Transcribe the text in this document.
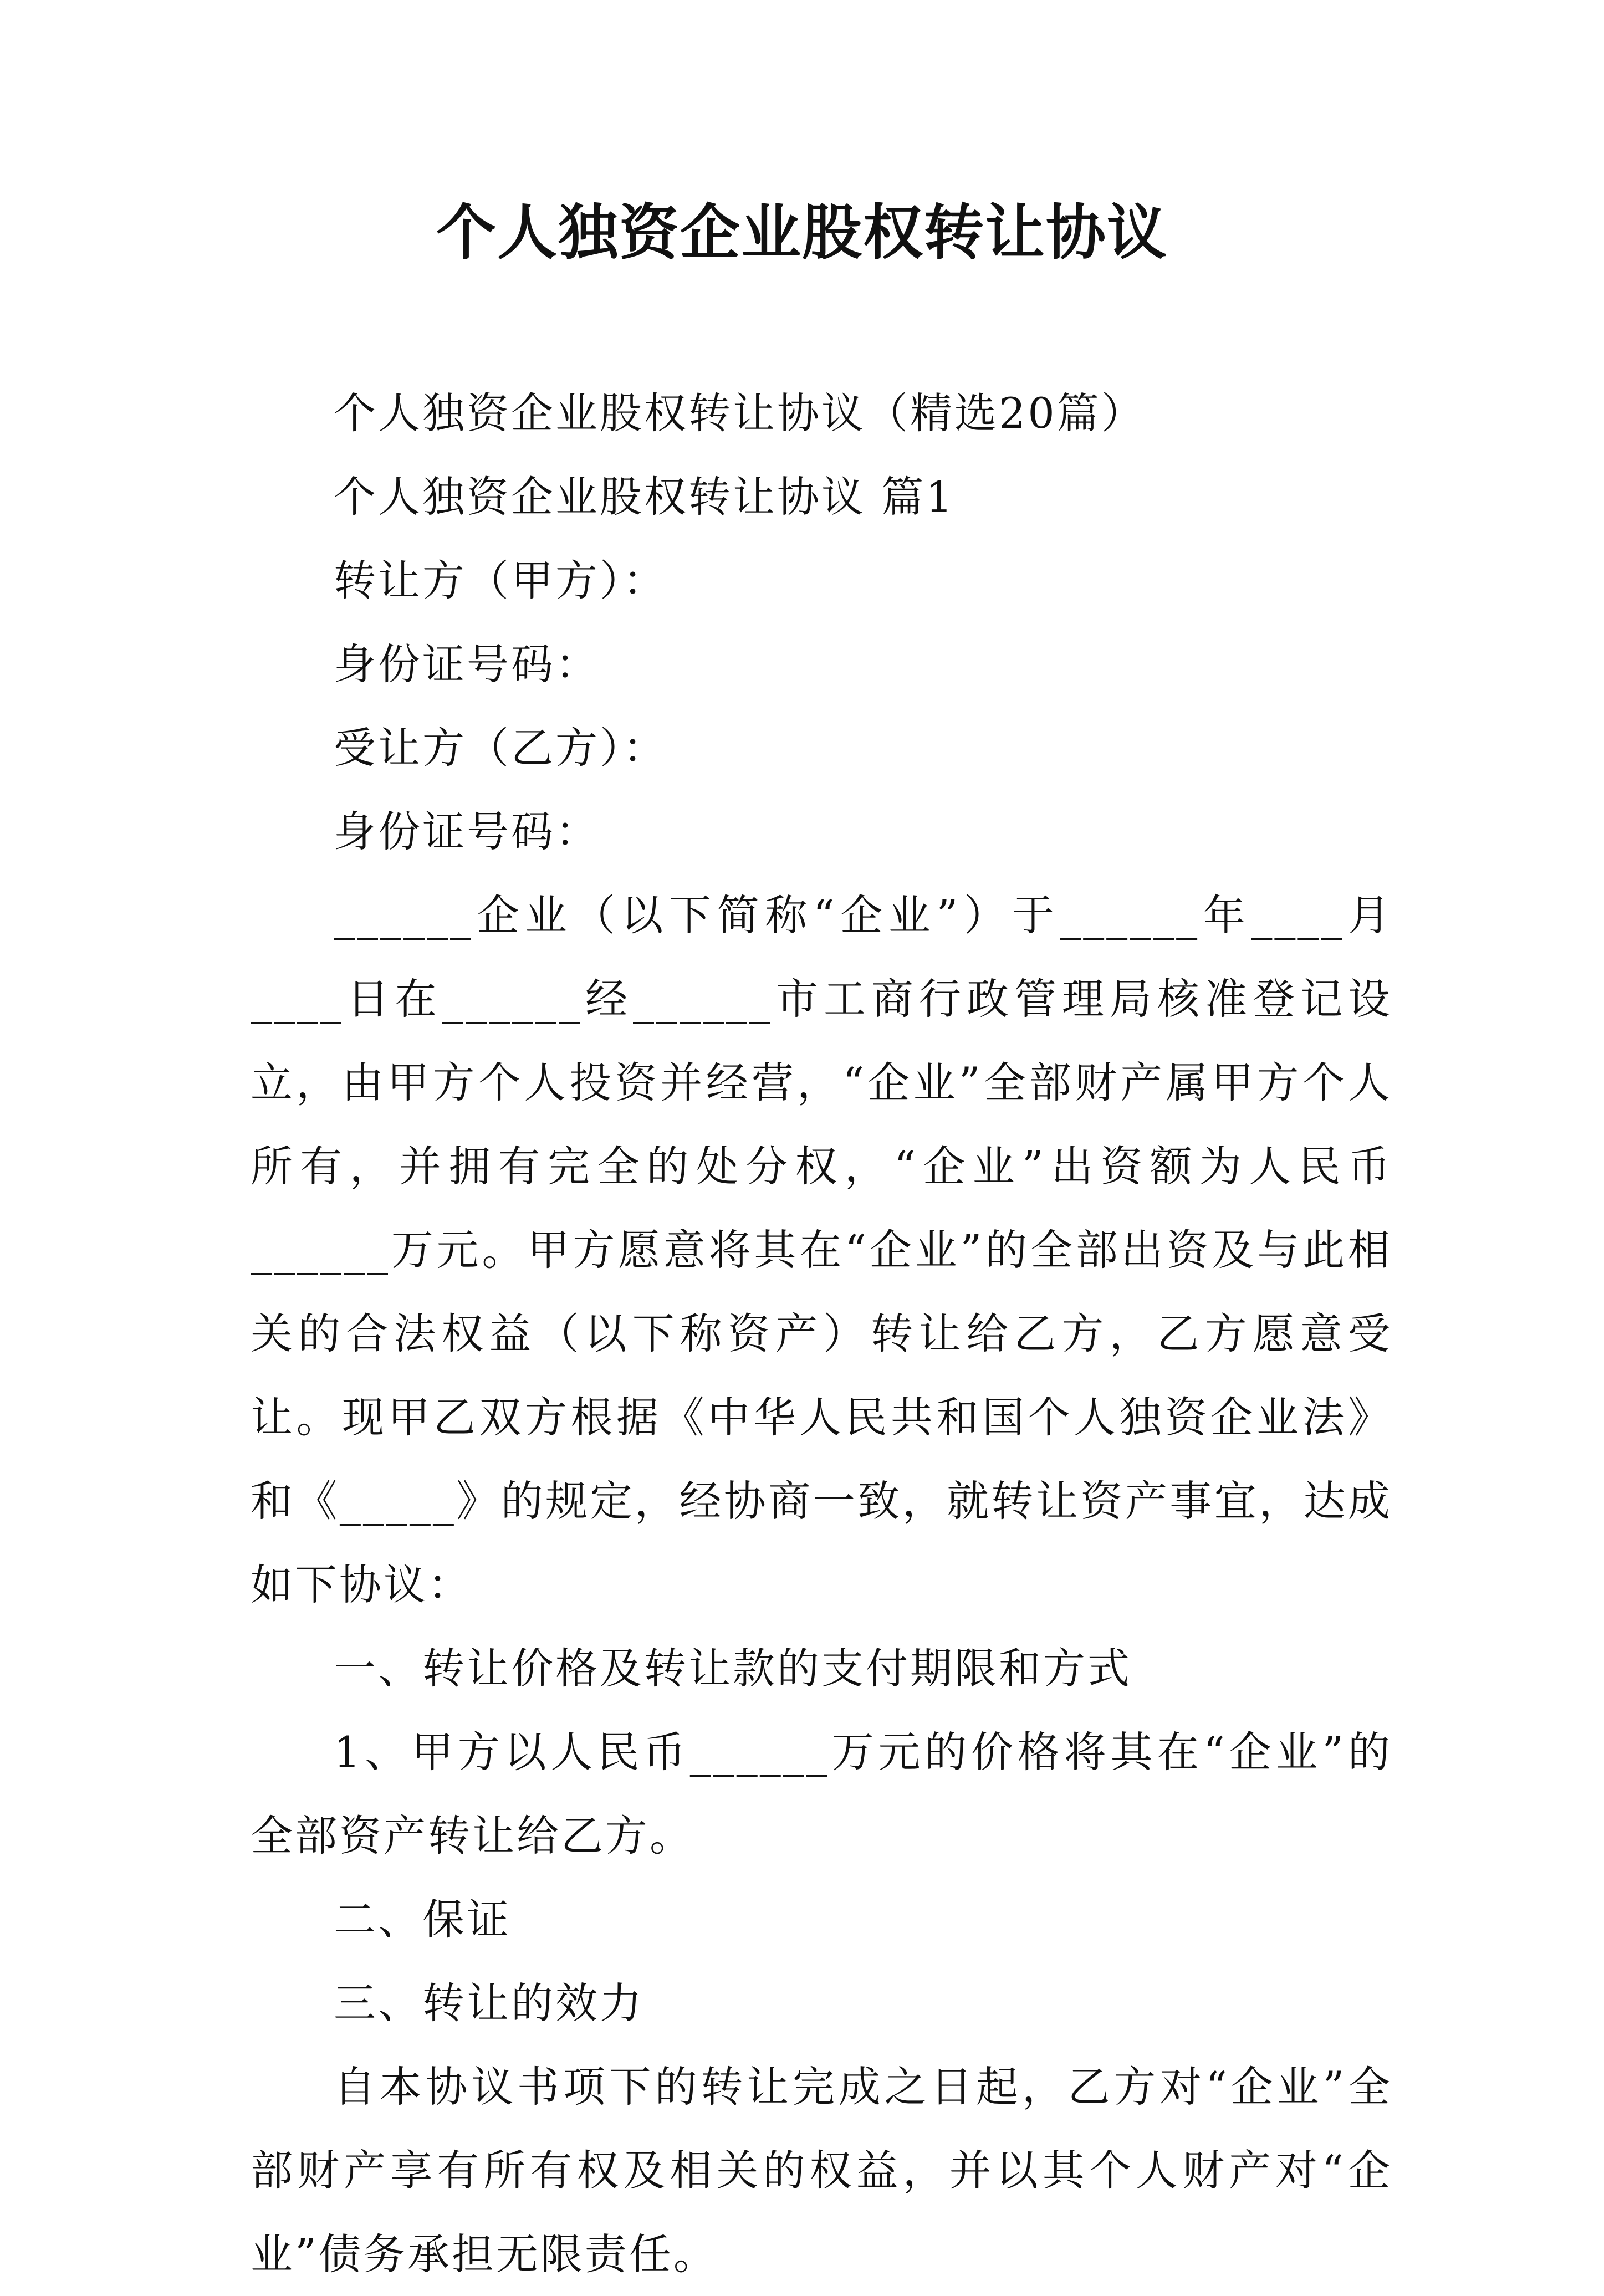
个人独资企业股权转让协议

个人独资企业股权转让协议（精选20篇）

个人独资企业股权转让协议 篇1

转让方（甲方）：

身份证号码：

受让方（乙方）：

身份证号码：

______企业（以下简称“企业”）于______年____月____日在______经______市工商行政管理局核准登记设立，由甲方个人投资并经营，“企业”全部财产属甲方个人所有，并拥有完全的处分权，“企业”出资额为人民币______万元。甲方愿意将其在“企业”的全部出资及与此相关的合法权益（以下称资产）转让给乙方，乙方愿意受让。现甲乙双方根据《中华人民共和国个人独资企业法》和《_____》的规定，经协商一致，就转让资产事宜，达成如下协议：

一、转让价格及转让款的支付期限和方式

1、甲方以人民币______万元的价格将其在“企业”的全部资产转让给乙方。

二、保证

三、转让的效力

自本协议书项下的转让完成之日起，乙方对“企业”全部财产享有所有权及相关的权益，并以其个人财产对“企业”债务承担无限责任。
